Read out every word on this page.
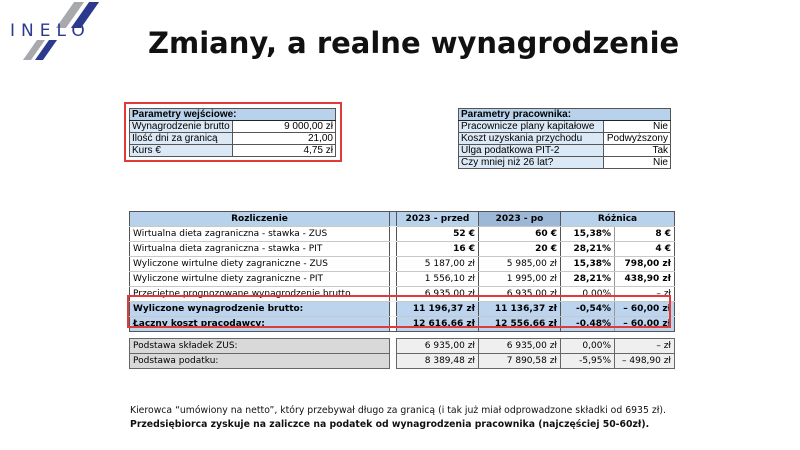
INELO Zmiany, a realne wynagrodzenie
Parametry wejściowe:	
Wynagrodzenie brutto	9 000,00 zł
Ilość dni za granicą	21,00
Kurs €	4,75 zł
Parametry pracownika:	
Pracownicze plany kapitałowe	Nie
Koszt uzyskania przychodu	Podwyższony
Ulga podatkowa PIT-2	Tak
Czy mniej niż 26 lat?	Nie
Rozliczenie		2023 - przed	2023 - po	Różnica	
Wirtualna dieta zagraniczna - stawka - ZUS		52 €	60 €	15,38%	8 €
Wirtualna dieta zagraniczna - stawka - PIT		16 €	20 €	28,21%	4 €
Wyliczone wirtulne diety zagraniczne - ZUS		5 187,00 zł	5 985,00 zł	15,38%	798,00 zł
Wyliczone wirtulne diety zagraniczne - PIT		1 556,10 zł	1 995,00 zł	28,21%	438,90 zł
Przeciętne prognozowane wynagrodzenie brutto		6 935,00 zł	6 935,00 zł	0,00%	– zł
Wyliczone wynagrodzenie brutto:		11 196,37 zł	11 136,37 zł	-0,54%	– 60,00 zł
Łączny koszt pracodawcy:		12 616,66 zł	12 556,66 zł	-0,48%	– 60,00 zł
Podstawa składek ZUS:		6 935,00 zł	6 935,00 zł	0,00%	– zł
Podstawa podatku:		8 389,48 zł	7 890,58 zł	-5,95%	– 498,90 zł
Kierowca “umówiony na netto”, który przebywał długo za granicą (i tak już miał odprowadzone składki od 6935 zł).
Przedsiębiorca zyskuje na zaliczce na podatek od wynagrodzenia pracownika (najczęściej 50-60zł).
